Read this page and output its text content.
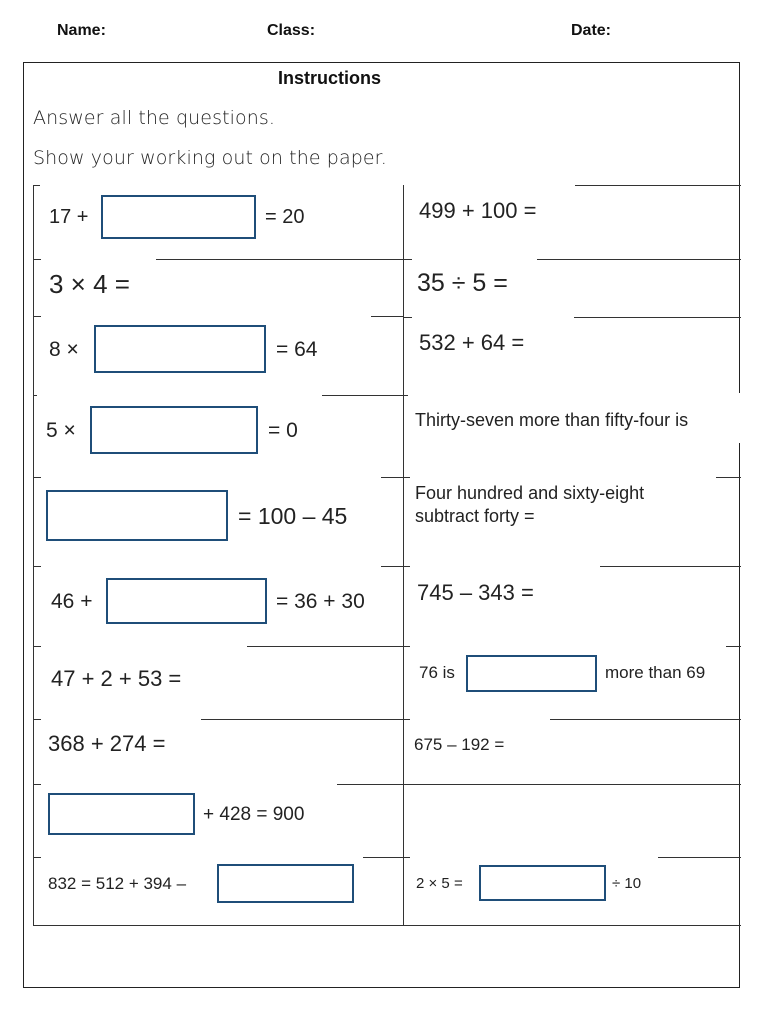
Name:	Class:	Date:
Instructions
Answer all the questions.
Show your working out on the paper.
17 +	= 20
3 × 4 =
8 ×	= 64
5 ×	= 0
= 100 – 45
46 +	= 36 + 30
47 + 2 + 53 =
368 + 274 =
+ 428 = 900
832 = 512 + 394 –
499 + 100 =
35 ÷ 5 =
532 + 64 =
Thirty-seven more than fifty-four is
Four hundred and sixty-eight
subtract forty =
745 – 343 =
76 is	more than 69
675 – 192 =
2 × 5 =	÷ 10
